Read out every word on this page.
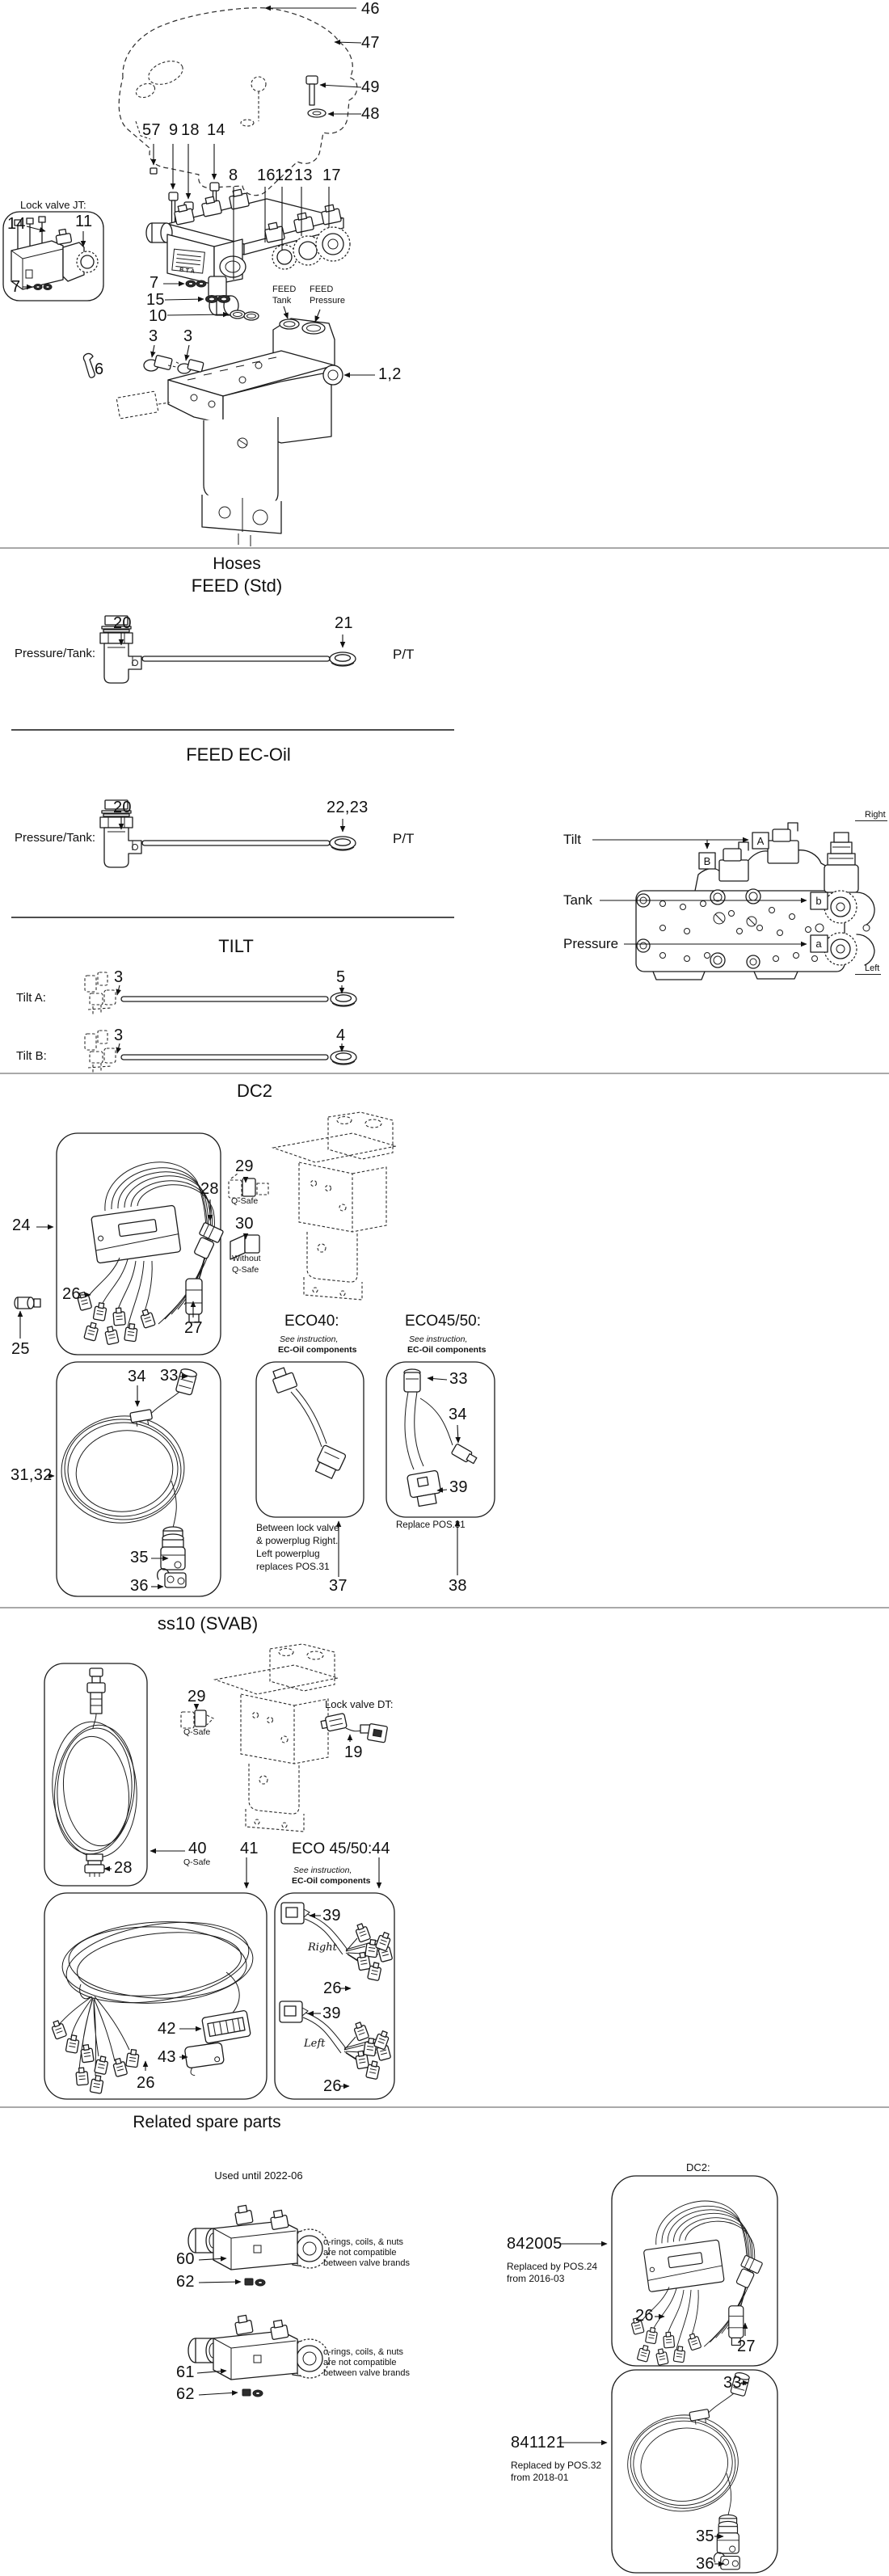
46
47
49
48
57 9 18 14
8 16 12 13 17
Lock valve JT:
14	11
7	7
15
10
FEED
Tank
FEED
Pressure
3 3
6	1,2
BTA
Hoses
FEED (Std)
Pressure/Tank:
20	21
P/T
FEED EC-Oil
Pressure/Tank:
20	22,23
P/T
TILT
Tilt A:
3	5
Tilt B:
3	4
Right
Tilt
Tank
Pressure
Left
A
B
b
a
DC2
24
28
26
27
25
29
Q-Safe
30
Without
Q-Safe
ECO40:
See instruction,
EC-Oil components
Between lock valve
& powerplug Right.
Left powerplug
replaces POS.31
37
34 33
31,32
35
36
ECO45/50:
See instruction,
EC-Oil components
33
34
39
Replace POS.31
38
ss10 (SVAB)
28
29
Q-Safe
Lock valve DT:
19
40
Q-Safe
41 ECO 45/50: 44
See instruction,
EC-Oil components
42
43
26
39
Right
26
39
Left
26
Related spare parts
Used until 2022-06
60
62
o-rings, coils, & nuts
are not compatible
between valve brands
61
62
o-rings, coils, & nuts
are not compatible
between valve brands
DC2:
842005
Replaced by POS.24
from 2016-03
26
27
841121
Replaced by POS.32
from 2018-01
33
35
36
